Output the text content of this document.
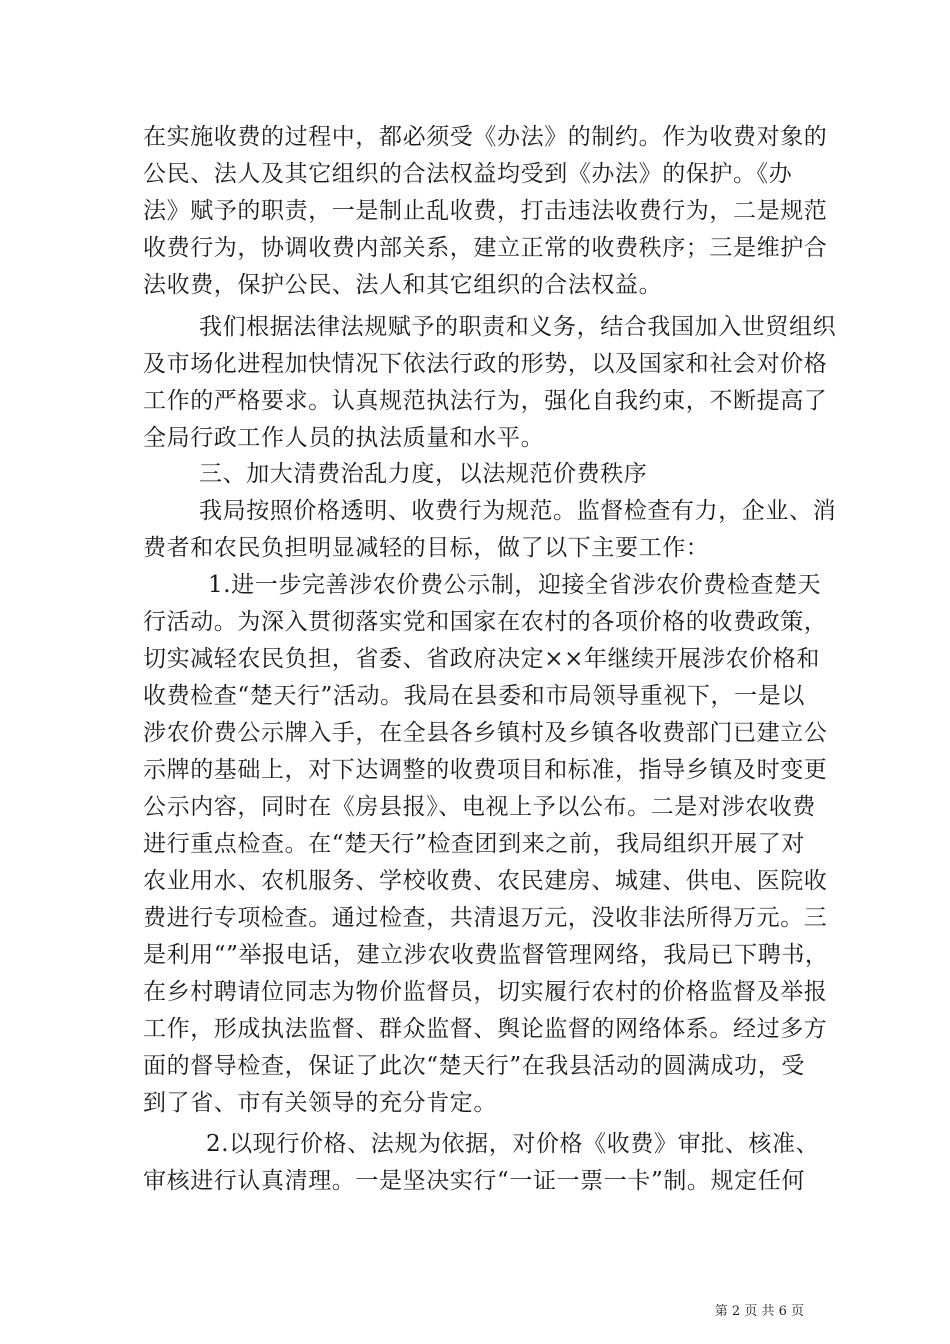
在实施收费的过程中，都必须受《办法》的制约。作为收费对象的
公民、法人及其它组织的合法权益均受到《办法》的保护。《办
法》赋予的职责，一是制止乱收费，打击违法收费行为，二是规范
收费行为，协调收费内部关系，建立正常的收费秩序；三是维护合
法收费，保护公民、法人和其它组织的合法权益。
我们根据法律法规赋予的职责和义务，结合我国加入世贸组织
及市场化进程加快情况下依法行政的形势，以及国家和社会对价格
工作的严格要求。认真规范执法行为，强化自我约束，不断提高了
全局行政工作人员的执法质量和水平。
三、加大清费治乱力度，以法规范价费秩序
我局按照价格透明、收费行为规范。监督检查有力，企业、消
费者和农民负担明显减轻的目标，做了以下主要工作：
1.进一步完善涉农价费公示制，迎接全省涉农价费检查楚天
行活动。为深入贯彻落实党和国家在农村的各项价格的收费政策，
切实减轻农民负担，省委、省政府决定××年继续开展涉农价格和
收费检查“楚天行”活动。我局在县委和市局领导重视下，一是以
涉农价费公示牌入手，在全县各乡镇村及乡镇各收费部门已建立公
示牌的基础上，对下达调整的收费项目和标准，指导乡镇及时变更
公示内容，同时在《房县报》、电视上予以公布。二是对涉农收费
进行重点检查。在“楚天行”检查团到来之前，我局组织开展了对
农业用水、农机服务、学校收费、农民建房、城建、供电、医院收
费进行专项检查。通过检查，共清退万元，没收非法所得万元。三
是利用“”举报电话，建立涉农收费监督管理网络，我局已下聘书，
在乡村聘请位同志为物价监督员，切实履行农村的价格监督及举报
工作，形成执法监督、群众监督、舆论监督的网络体系。经过多方
面的督导检查，保证了此次“楚天行”在我县活动的圆满成功，受
到了省、市有关领导的充分肯定。
2.以现行价格、法规为依据，对价格《收费》审批、核准、
审核进行认真清理。一是坚决实行“一证一票一卡”制。规定任何
第 2 页 共 6 页
